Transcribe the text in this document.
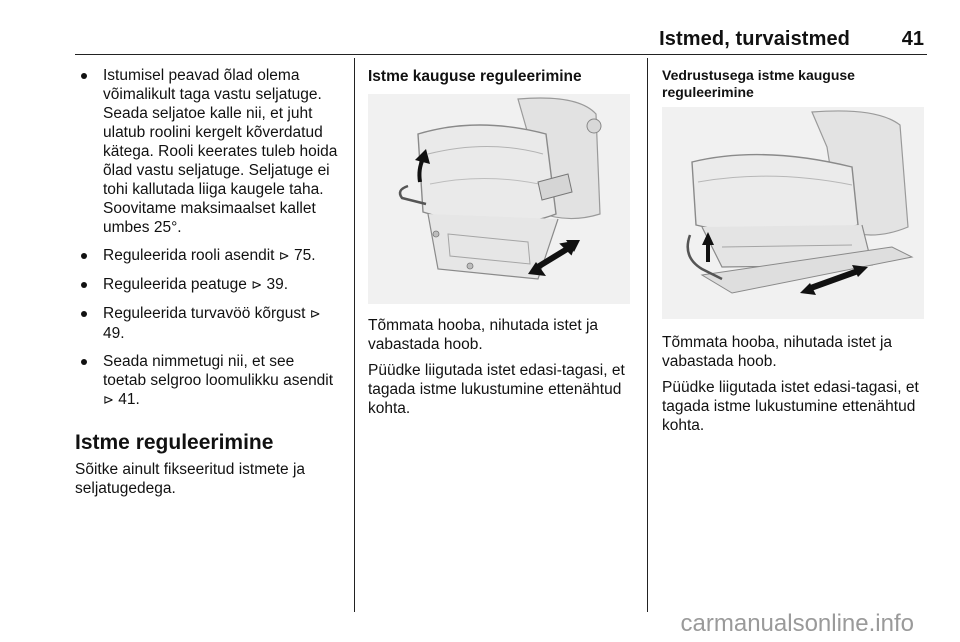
Istmed, turvaistmed	41
Istumisel peavad õlad olema võimalikult taga vastu seljatuge. Seada seljatoe kalle nii, et juht ulatub roolini kergelt kõverdatud kätega. Rooli keerates tuleb hoida õlad vastu seljatuge. Seljatuge ei tohi kallutada liiga kaugele taha. Soovitame maksimaalset kallet umbes 25°.
Reguleerida rooli asendit ⊳ 75.
Reguleerida peatuge ⊳ 39.
Reguleerida turvavöö kõrgust ⊳ 49.
Seada nimmetugi nii, et see toetab selgroo loomulikku asendit ⊳ 41.
Istme reguleerimine

Sõitke ainult fikseeritud istmete ja seljatugedega.

Istme kauguse reguleerimine

Tõmmata hooba, nihutada istet ja vabastada hoob.

Püüdke liigutada istet edasi-tagasi, et tagada istme lukustumine ettenähtud kohta.

Vedrustusega istme kauguse reguleerimine

Tõmmata hooba, nihutada istet ja vabastada hoob.

Püüdke liigutada istet edasi-tagasi, et tagada istme lukustumine ettenähtud kohta.

carmanualsonline.info
